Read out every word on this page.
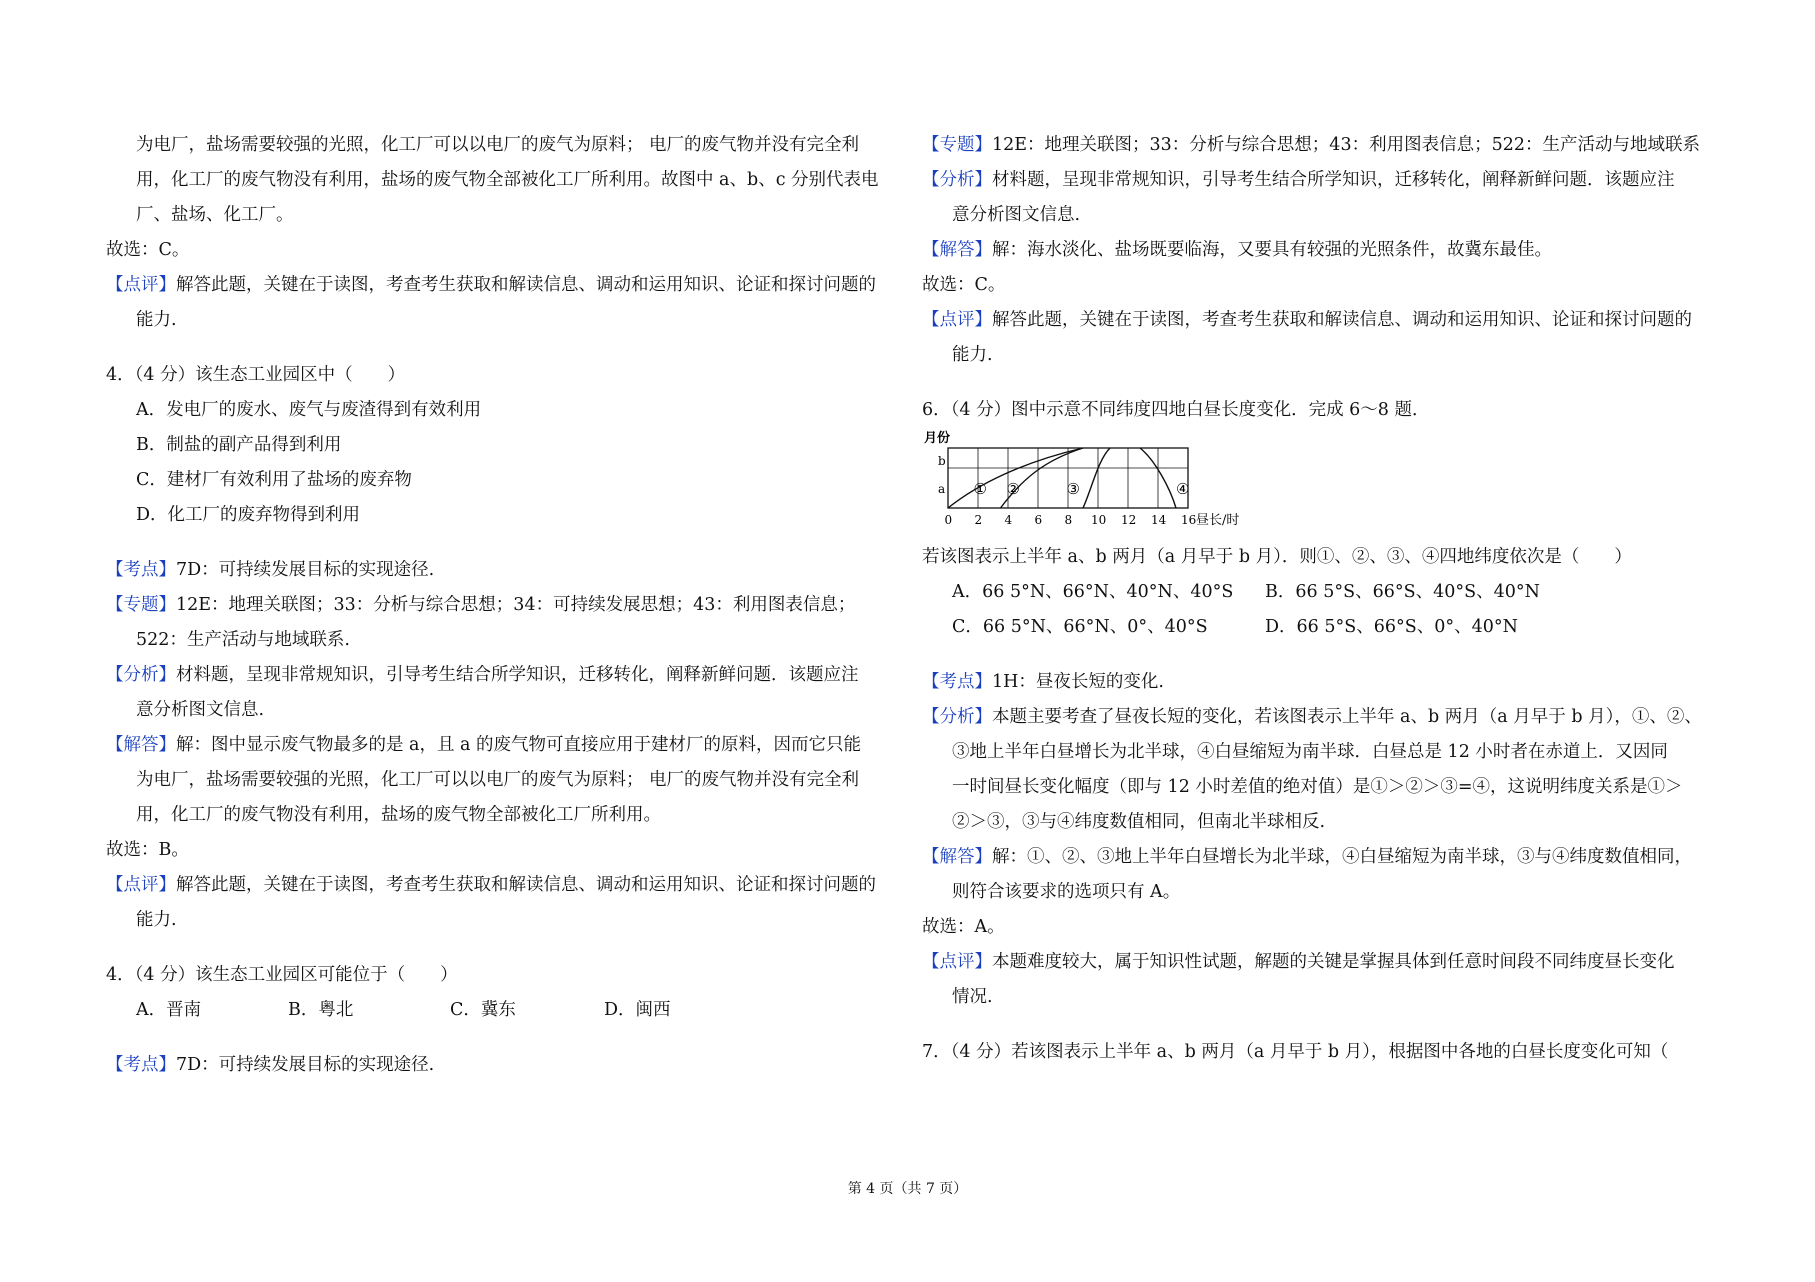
为电厂，盐场需要较强的光照，化工厂可以以电厂的废气为原料； 电厂的废气物并没有完全利
用，化工厂的废气物没有利用，盐场的废气物全部被化工厂所利用。故图中 a、b、c 分别代表电
厂、盐场、化工厂。
故选：C。
【点评】解答此题，关键在于读图，考查考生获取和解读信息、调动和运用知识、论证和探讨问题的
能力.
4．（4 分）该生态工业园区中（　　）
A．发电厂的废水、废气与废渣得到有效利用
B．制盐的副产品得到利用
C．建材厂有效利用了盐场的废弃物
D．化工厂的废弃物得到利用
【考点】7D：可持续发展目标的实现途径.
【专题】12E：地理关联图；33：分析与综合思想；34：可持续发展思想；43：利用图表信息；
522：生产活动与地域联系.
【分析】材料题，呈现非常规知识，引导考生结合所学知识，迁移转化，阐释新鲜问题．该题应注
意分析图文信息.
【解答】解：图中显示废气物最多的是 a，且 a 的废气物可直接应用于建材厂的原料，因而它只能
为电厂，盐场需要较强的光照，化工厂可以以电厂的废气为原料； 电厂的废气物并没有完全利
用，化工厂的废气物没有利用，盐场的废气物全部被化工厂所利用。
故选：B。
【点评】解答此题，关键在于读图，考查考生获取和解读信息、调动和运用知识、论证和探讨问题的
能力.
4．（4 分）该生态工业园区可能位于（　　）
A．晋南	B．粤北	C．冀东	D．闽西
【考点】7D：可持续发展目标的实现途径.
【专题】12E：地理关联图；33：分析与综合思想；43：利用图表信息；522：生产活动与地域联系
【分析】材料题，呈现非常规知识，引导考生结合所学知识，迁移转化，阐释新鲜问题．该题应注
意分析图文信息.
【解答】解：海水淡化、盐场既要临海，又要具有较强的光照条件，故冀东最佳。
故选：C。
【点评】解答此题，关键在于读图，考查考生获取和解读信息、调动和运用知识、论证和探讨问题的
能力.
6．（4 分）图中示意不同纬度四地白昼长度变化．完成 6～8 题．
月份
b
a
0 2 4 6 8 10 12 14 16 昼长/时
① ②	③	④
若该图表示上半年 a、b 两月（a 月早于 b 月）．则①、②、③、④四地纬度依次是（　　）
A．66 5°N、66°N、40°N、40°S	B．66 5°S、66°S、40°S、40°N
C．66 5°N、66°N、0°、40°S	D．66 5°S、66°S、0°、40°N
【考点】1H：昼夜长短的变化.
【分析】本题主要考查了昼夜长短的变化，若该图表示上半年 a、b 两月（a 月早于 b 月），①、②、
③地上半年白昼增长为北半球，④白昼缩短为南半球．白昼总是 12 小时者在赤道上．又因同
一时间昼长变化幅度（即与 12 小时差值的绝对值）是①＞②＞③=④，这说明纬度关系是①＞
②＞③，③与④纬度数值相同，但南北半球相反.
【解答】解：①、②、③地上半年白昼增长为北半球，④白昼缩短为南半球，③与④纬度数值相同，
则符合该要求的选项只有 A。
故选：A。
【点评】本题难度较大，属于知识性试题，解题的关键是掌握具体到任意时间段不同纬度昼长变化
情况.
7．（4 分）若该图表示上半年 a、b 两月（a 月早于 b 月），根据图中各地的白昼长度变化可知（
第 4 页（共 7 页）
